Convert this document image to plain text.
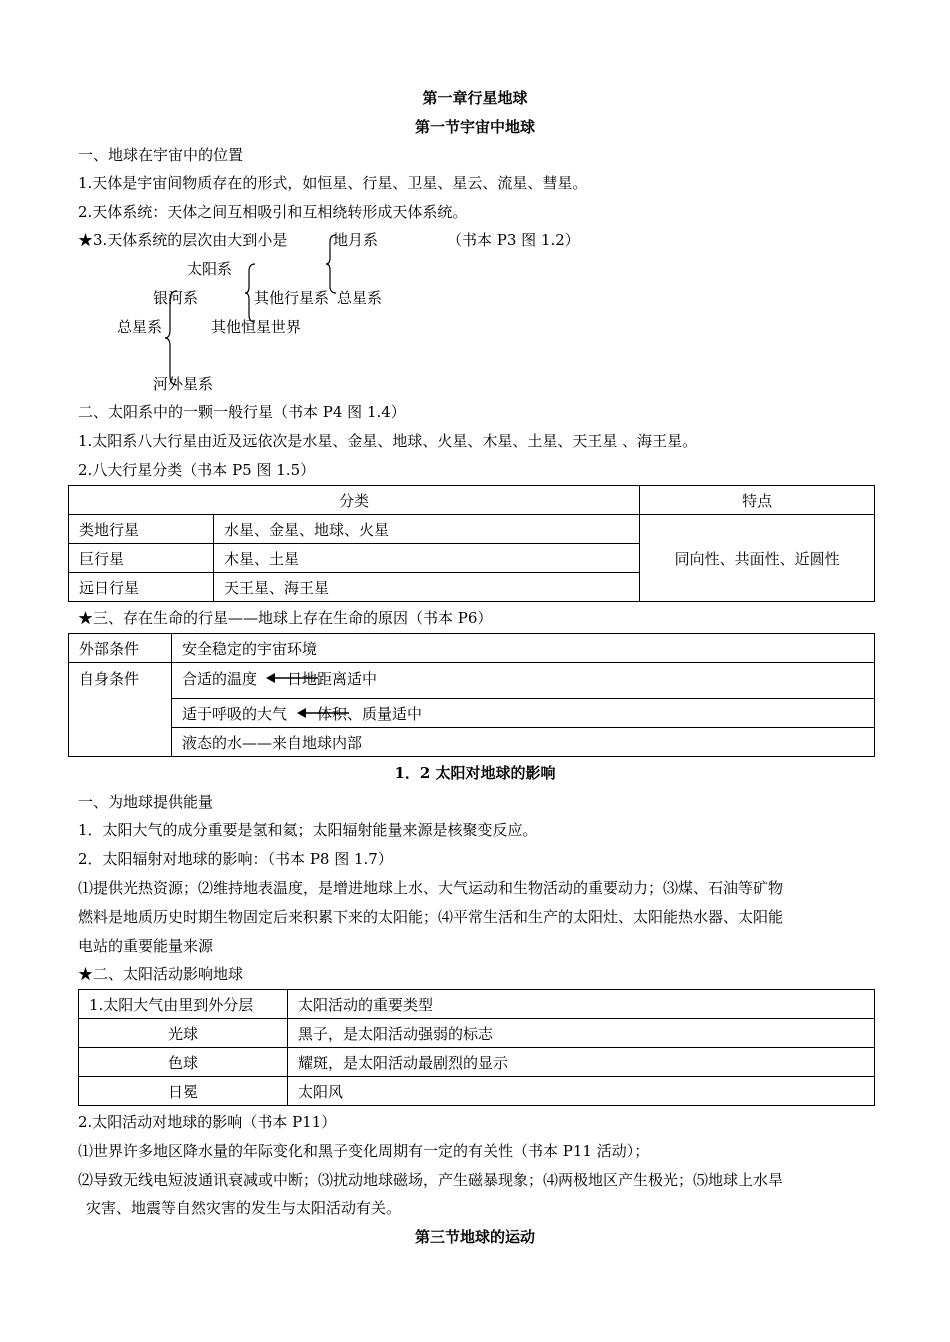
第一章行星地球
第一节宇宙中地球
一、地球在宇宙中的位置
1.天体是宇宙间物质存在的形式，如恒星、行星、卫星、星云、流星、彗星。
2.天体系统：天体之间互相吸引和互相绕转形成天体系统。
★3.天体系统的层次由大到小是	地月系	（书本 P3 图 1.2）
太阳系
银河系	其他行星系 总星系
总星系	其他恒星世界
河外星系
二、太阳系中的一颗一般行星（书本 P4 图 1.4）
1.太阳系八大行星由近及远依次是水星、金星、地球、火星、木星、土星、天王星 、海王星。
2.八大行星分类（书本 P5 图 1.5）
分类		特点
类地行星	水星、金星、地球、火星	同向性、共面性、近圆性
巨行星	木星、土星	
远日行星	天王星、海王星	
★三、存在生命的行星——地球上存在生命的原因（书本 P6）
外部条件	安全稳定的宇宙环境
自身条件	合适的温度 日地距离适中
	适于呼吸的大气 体积、质量适中
	液态的水——来自地球内部
1．2 太阳对地球的影响
一、为地球提供能量
1．太阳大气的成分重要是氢和氦；太阳辐射能量来源是核聚变反应。
2．太阳辐射对地球的影响：（书本 P8 图 1.7）
⑴提供光热资源；⑵维持地表温度，是增进地球上水、大气运动和生物活动的重要动力；⑶煤、石油等矿物
燃料是地质历史时期生物固定后来积累下来的太阳能；⑷平常生活和生产的太阳灶、太阳能热水器、太阳能
电站的重要能量来源
★二、太阳活动影响地球
1.太阳大气由里到外分层	太阳活动的重要类型
光球	黑子，是太阳活动强弱的标志
色球	耀斑，是太阳活动最剧烈的显示
日冕	太阳风
2.太阳活动对地球的影响（书本 P11）
⑴世界许多地区降水量的年际变化和黑子变化周期有一定的有关性（书本 P11 活动）；
⑵导致无线电短波通讯衰减或中断；⑶扰动地球磁场，产生磁暴现象；⑷两极地区产生极光；⑸地球上水旱
灾害、地震等自然灾害的发生与太阳活动有关。
第三节地球的运动
